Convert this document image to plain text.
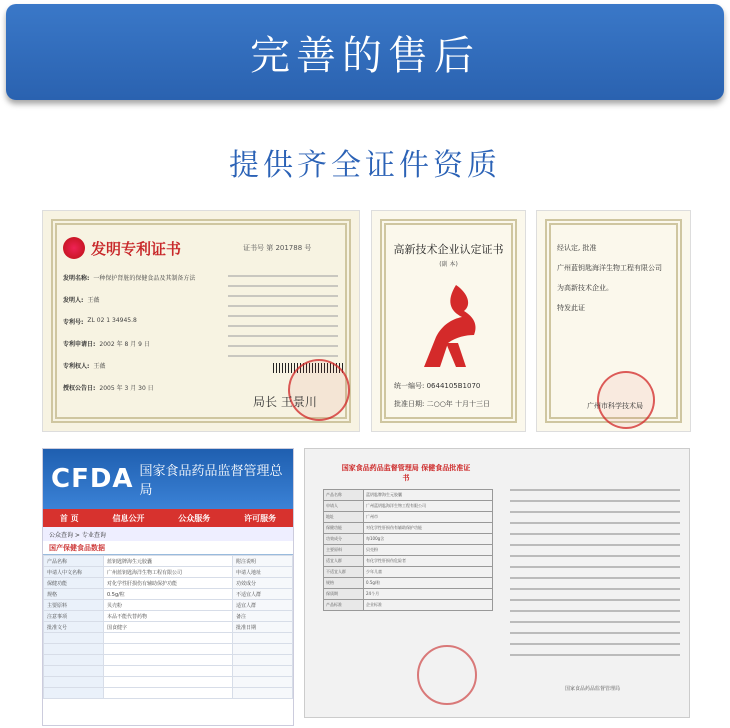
完善的售后
提供齐全证件资质
发明专利证书	证书号 第 201788 号
发明名称: 一种保护肾脏的保健食品及其制备方法
发明人: 王薇
专利号: ZL 02 1 34945.8
专利申请日: 2002 年 8 月 9 日
专利权人: 王薇
授权公告日: 2005 年 3 月 30 日
局长 王景川
高新技术企业认定证书
(副 本)
统一编号: 0644105B1070
批准日期: 二○○年 十月十三日
经认定, 批准
广州蓝钥匙海洋生物工程有限公司
为高新技术企业。
特发此证
广州市科学技术局
CFDA 国家食品药品监督管理总局
首 页	信息公开	公众服务	许可服务
公众查询 > 专业查询
国产保健食品数据
产品名称	蓝钥匙牌海生元胶囊	附注说明
申请人中文名称	广州蓝钥匙海洋生物工程有限公司	申请人地址
保健功能	对化学性肝损伤有辅助保护功能	功效成分
规格	0.5g/粒	不适宜人群
主要原料	贝壳粉	适宜人群
注意事项	本品不能代替药物	备注
批准文号	国食健字	批准日期

国家食品药品监督管理局 保健食品批准证书
产品名称	蓝钥匙牌海生元胶囊
申请人	广州蓝钥匙海洋生物工程有限公司
地址	广州市
保健功能	对化学性肝损伤有辅助保护功能
功效成分	每100g含
主要原料	贝壳粉
适宜人群	有化学性肝损伤危险者
不适宜人群	少年儿童
规格	0.5g/粒
保质期	24个月
产品标准	企业标准
国家食品药品监督管理局
